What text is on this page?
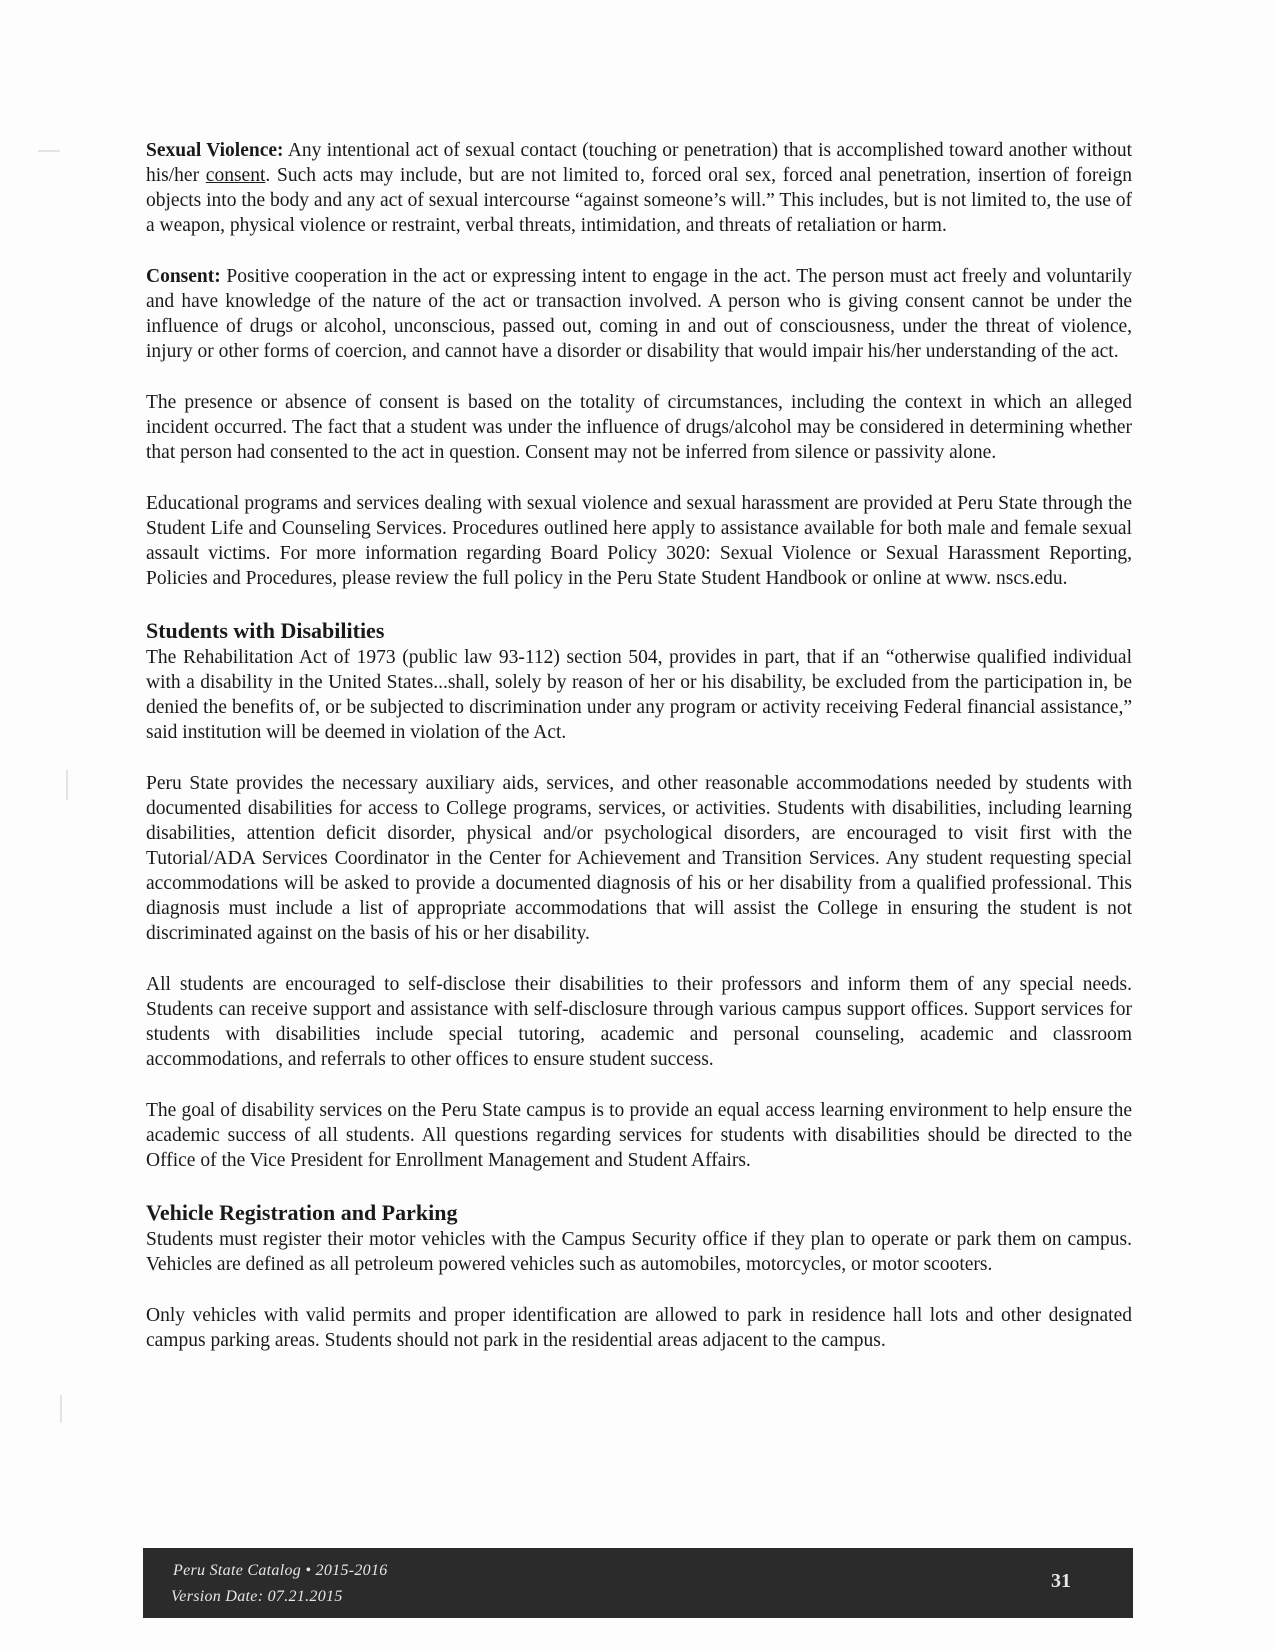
Sexual Violence: Any intentional act of sexual contact (touching or penetration) that is accomplished toward another without his/her consent. Such acts may include, but are not limited to, forced oral sex, forced anal penetration, insertion of foreign objects into the body and any act of sexual intercourse “against someone’s will.” This includes, but is not limited to, the use of a weapon, physical violence or restraint, verbal threats, intimidation, and threats of retaliation or harm.

Consent: Positive cooperation in the act or expressing intent to engage in the act. The person must act freely and voluntarily and have knowledge of the nature of the act or transaction involved. A person who is giving consent cannot be under the influence of drugs or alcohol, unconscious, passed out, coming in and out of consciousness, under the threat of violence, injury or other forms of coercion, and cannot have a disorder or disability that would impair his/her understanding of the act.

The presence or absence of consent is based on the totality of circumstances, including the context in which an alleged incident occurred. The fact that a student was under the influence of drugs/alcohol may be considered in determining whether that person had consented to the act in question. Consent may not be inferred from silence or passivity alone.

Educational programs and services dealing with sexual violence and sexual harassment are provided at Peru State through the Student Life and Counseling Services. Procedures outlined here apply to assistance available for both male and female sexual assault victims. For more information regarding Board Policy 3020: Sexual Violence or Sexual Harassment Reporting, Policies and Procedures, please review the full policy in the Peru State Student Handbook or online at www. nscs.edu.

Students with Disabilities

The Rehabilitation Act of 1973 (public law 93-112) section 504, provides in part, that if an “otherwise qualified individual with a disability in the United States...shall, solely by reason of her or his disability, be excluded from the participation in, be denied the benefits of, or be subjected to discrimination under any program or activity receiving Federal financial assistance,” said institution will be deemed in violation of the Act.

Peru State provides the necessary auxiliary aids, services, and other reasonable accommodations needed by students with documented disabilities for access to College programs, services, or activities. Students with disabilities, including learning disabilities, attention deficit disorder, physical and/or psychological disorders, are encouraged to visit first with the Tutorial/ADA Services Coordinator in the Center for Achievement and Transition Services. Any student requesting special accommodations will be asked to provide a documented diagnosis of his or her disability from a qualified professional. This diagnosis must include a list of appropriate accommodations that will assist the College in ensuring the student is not discriminated against on the basis of his or her disability.

All students are encouraged to self-disclose their disabilities to their professors and inform them of any special needs. Students can receive support and assistance with self-disclosure through various campus support offices. Support services for students with disabilities include special tutoring, academic and personal counseling, academic and classroom accommodations, and referrals to other offices to ensure student success.

The goal of disability services on the Peru State campus is to provide an equal access learning environment to help ensure the academic success of all students. All questions regarding services for students with disabilities should be directed to the Office of the Vice President for Enrollment Management and Student Affairs.

Vehicle Registration and Parking

Students must register their motor vehicles with the Campus Security office if they plan to operate or park them on campus. Vehicles are defined as all petroleum powered vehicles such as automobiles, motorcycles, or motor scooters.

Only vehicles with valid permits and proper identification are allowed to park in residence hall lots and other designated campus parking areas. Students should not park in the residential areas adjacent to the campus.

Peru State Catalog • 2015-2016
Version Date: 07.21.2015
31
